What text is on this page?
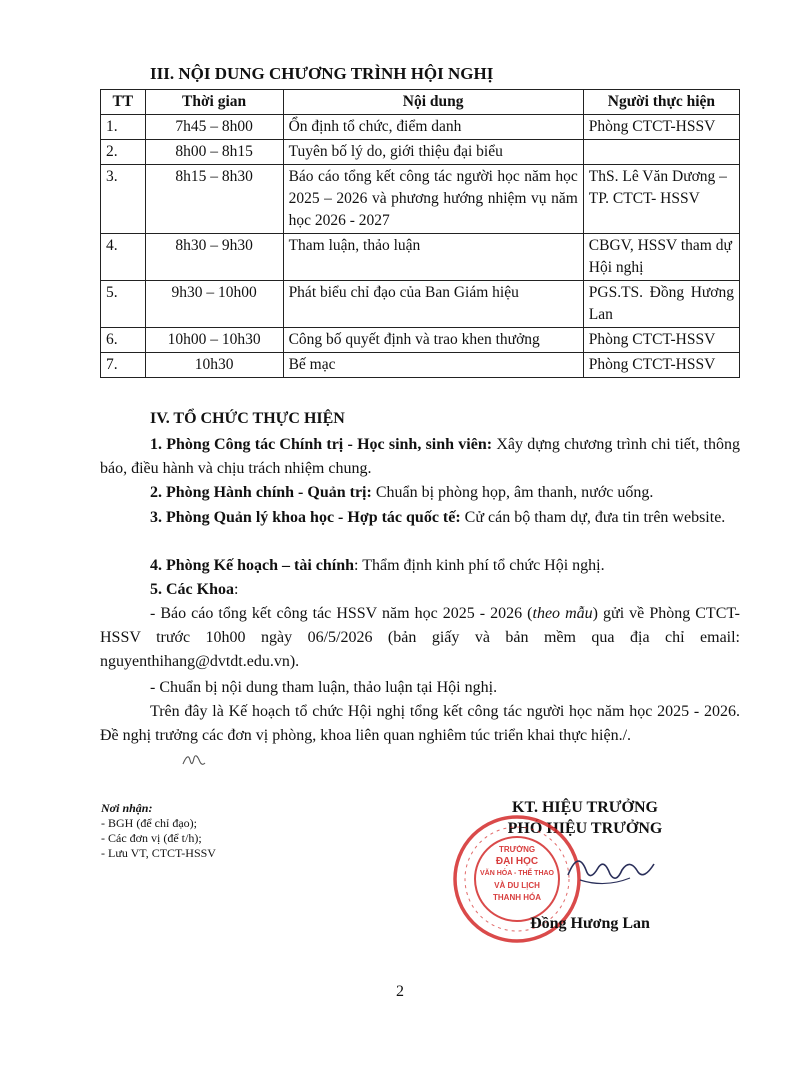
III. NỘI DUNG CHƯƠNG TRÌNH HỘI NGHỊ
TT	Thời gian	Nội dung	Người thực hiện
1.	7h45 – 8h00	Ổn định tổ chức, điểm danh	Phòng CTCT-HSSV
2.	8h00 – 8h15	Tuyên bố lý do, giới thiệu đại biểu	
3.	8h15 – 8h30	Báo cáo tổng kết công tác người học năm học 2025 – 2026 và phương hướng nhiệm vụ năm học 2026 - 2027	ThS. Lê Văn Dương – TP. CTCT- HSSV
4.	8h30 – 9h30	Tham luận, thảo luận	CBGV, HSSV tham dự Hội nghị
5.	9h30 – 10h00	Phát biểu chỉ đạo của Ban Giám hiệu	PGS.TS. Đồng Hương Lan
6.	10h00 – 10h30	Công bố quyết định và trao khen thưởng	Phòng CTCT-HSSV
7.	10h30	Bế mạc	Phòng CTCT-HSSV
IV. TỔ CHỨC THỰC HIỆN
1. Phòng Công tác Chính trị - Học sinh, sinh viên: Xây dựng chương trình chi tiết, thông báo, điều hành và chịu trách nhiệm chung.
2. Phòng Hành chính - Quản trị: Chuẩn bị phòng họp, âm thanh, nước uống.
3. Phòng Quản lý khoa học - Hợp tác quốc tế: Cử cán bộ tham dự, đưa tin trên website.
4. Phòng Kế hoạch – tài chính: Thẩm định kinh phí tổ chức Hội nghị.
5. Các Khoa:
- Báo cáo tổng kết công tác HSSV năm học 2025 - 2026 (theo mẫu) gửi về Phòng CTCT-HSSV trước 10h00 ngày 06/5/2026 (bản giấy và bản mềm qua địa chỉ email: nguyenthihang@dvtdt.edu.vn).
- Chuẩn bị nội dung tham luận, thảo luận tại Hội nghị.
Trên đây là Kế hoạch tổ chức Hội nghị tổng kết công tác người học năm học 2025 - 2026. Đề nghị trưởng các đơn vị phòng, khoa liên quan nghiêm túc triển khai thực hiện./.
Nơi nhận:
- BGH (để chỉ đạo);
- Các đơn vị (để t/h);
- Lưu VT, CTCT-HSSV
KT. HIỆU TRƯỞNG
PHÓ HIỆU TRƯỞNG
TRƯỜNG
ĐẠI HỌC
VĂN HÓA - THỂ THAO
VÀ DU LỊCH
THANH HÓA
Đồng Hương Lan
2
